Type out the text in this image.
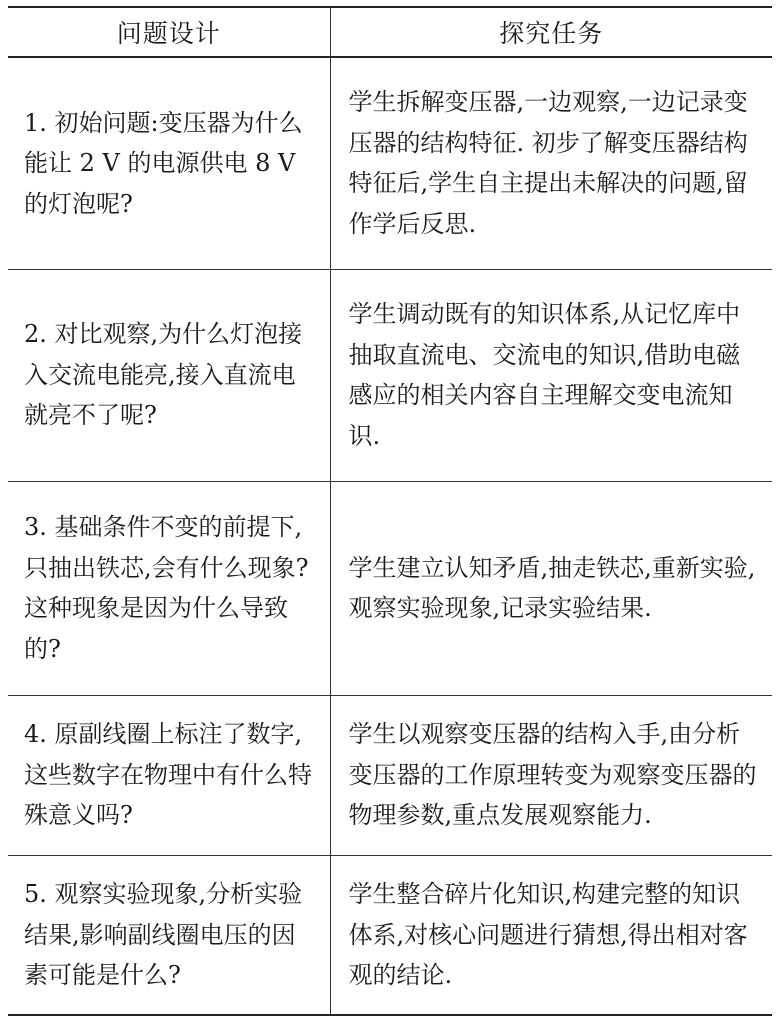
问题设计	探究任务
1. 初始问题:变压器为什么能让 2 V 的电源供电 8 V 的灯泡呢?	学生拆解变压器,一边观察,一边记录变压器的结构特征. 初步了解变压器结构特征后,学生自主提出未解决的问题,留作学后反思.
2. 对比观察,为什么灯泡接入交流电能亮,接入直流电就亮不了呢?	学生调动既有的知识体系,从记忆库中抽取直流电、交流电的知识,借助电磁感应的相关内容自主理解交变电流知识.
3. 基础条件不变的前提下,只抽出铁芯,会有什么现象? 这种现象是因为什么导致的?	学生建立认知矛盾,抽走铁芯,重新实验,观察实验现象,记录实验结果.
4. 原副线圈上标注了数字,这些数字在物理中有什么特殊意义吗?	学生以观察变压器的结构入手,由分析变压器的工作原理转变为观察变压器的物理参数,重点发展观察能力.
5. 观察实验现象,分析实验结果,影响副线圈电压的因素可能是什么?	学生整合碎片化知识,构建完整的知识体系,对核心问题进行猜想,得出相对客观的结论.
